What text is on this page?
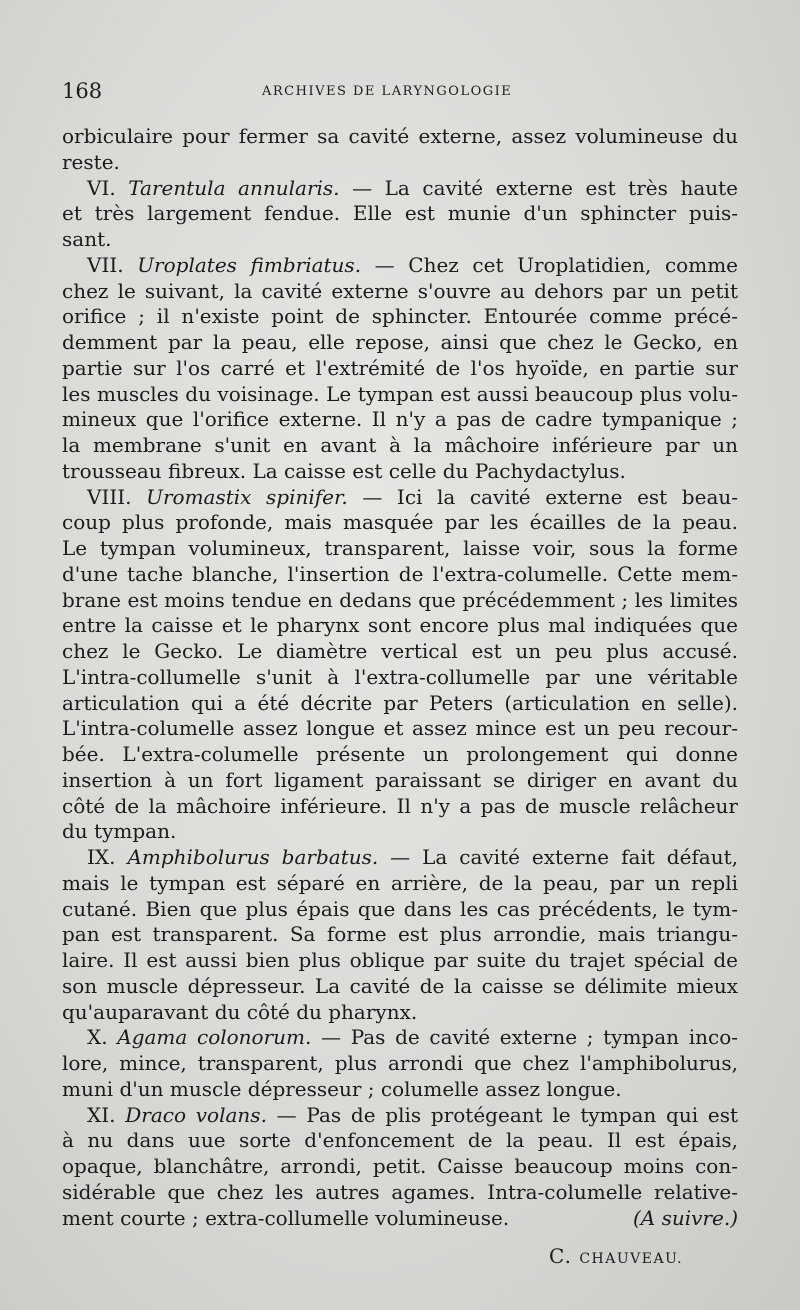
168	ARCHIVES DE LARYNGOLOGIE
orbiculaire pour fermer sa cavité externe, assez volumineuse du
reste.
VI. Tarentula annularis. — La cavité externe est très haute
et très largement fendue. Elle est munie d'un sphincter puis-
sant.
VII. Uroplates fimbriatus. — Chez cet Uroplatidien, comme
chez le suivant, la cavité externe s'ouvre au dehors par un petit
orifice ; il n'existe point de sphincter. Entourée comme précé-
demment par la peau, elle repose, ainsi que chez le Gecko, en
partie sur l'os carré et l'extrémité de l'os hyoïde, en partie sur
les muscles du voisinage. Le tympan est aussi beaucoup plus volu-
mineux que l'orifice externe. Il n'y a pas de cadre tympanique ;
la membrane s'unit en avant à la mâchoire inférieure par un
trousseau fibreux. La caisse est celle du Pachydactylus.
VIII. Uromastix spinifer. — Ici la cavité externe est beau-
coup plus profonde, mais masquée par les écailles de la peau.
Le tympan volumineux, transparent, laisse voir, sous la forme
d'une tache blanche, l'insertion de l'extra-columelle. Cette mem-
brane est moins tendue en dedans que précédemment ; les limites
entre la caisse et le pharynx sont encore plus mal indiquées que
chez le Gecko. Le diamètre vertical est un peu plus accusé.
L'intra-collumelle s'unit à l'extra-collumelle par une véritable
articulation qui a été décrite par Peters (articulation en selle).
L'intra-columelle assez longue et assez mince est un peu recour-
bée. L'extra-columelle présente un prolongement qui donne
insertion à un fort ligament paraissant se diriger en avant du
côté de la mâchoire inférieure. Il n'y a pas de muscle relâcheur
du tympan.
IX. Amphibolurus barbatus. — La cavité externe fait défaut,
mais le tympan est séparé en arrière, de la peau, par un repli
cutané. Bien que plus épais que dans les cas précédents, le tym-
pan est transparent. Sa forme est plus arrondie, mais triangu-
laire. Il est aussi bien plus oblique par suite du trajet spécial de
son muscle dépresseur. La cavité de la caisse se délimite mieux
qu'auparavant du côté du pharynx.
X. Agama colonorum. — Pas de cavité externe ; tympan inco-
lore, mince, transparent, plus arrondi que chez l'amphibolurus,
muni d'un muscle dépresseur ; columelle assez longue.
XI. Draco volans. — Pas de plis protégeant le tympan qui est
à nu dans uue sorte d'enfoncement de la peau. Il est épais,
opaque, blanchâtre, arrondi, petit. Caisse beaucoup moins con-
sidérable que chez les autres agames. Intra-columelle relative-
ment courte ; extra-collumelle volumineuse.	(A suivre.)
C. CHAUVEAU.
